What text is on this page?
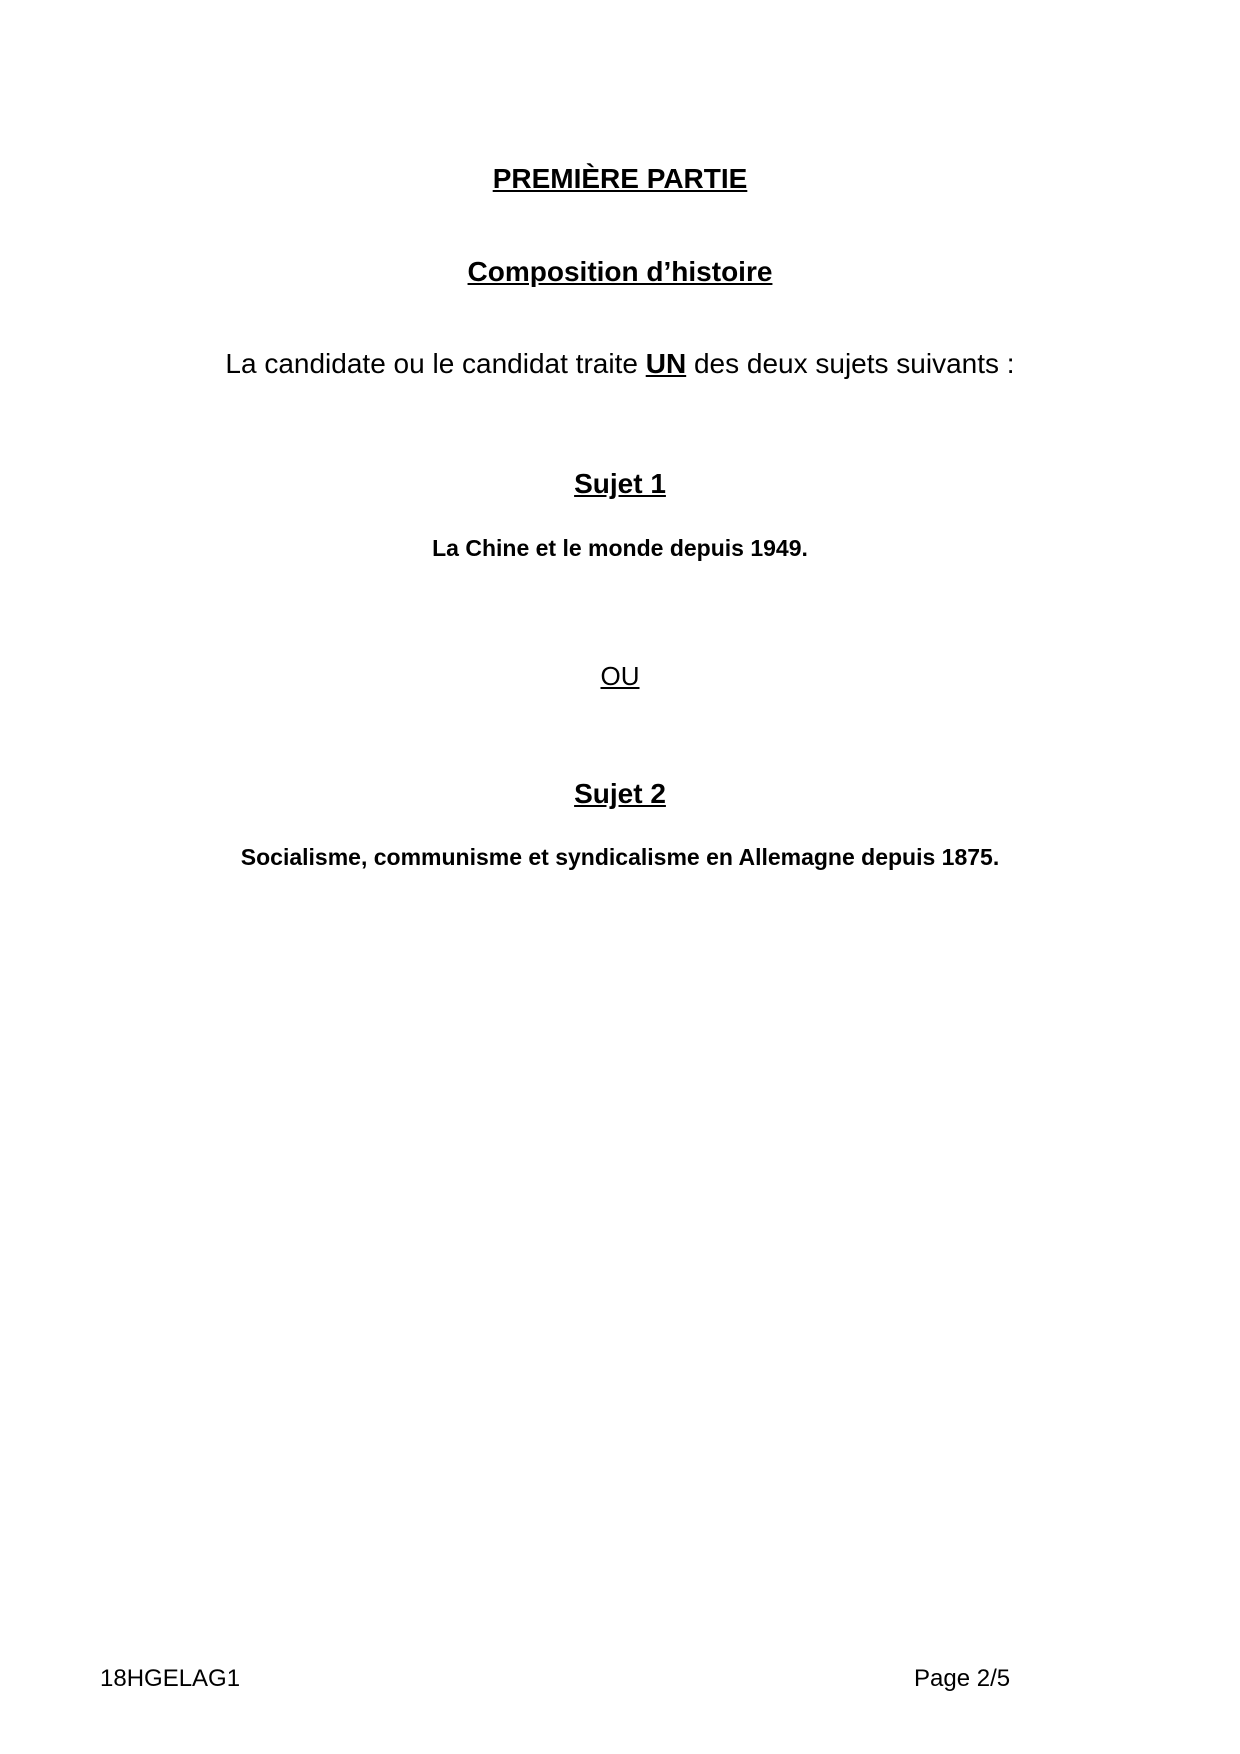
PREMIÈRE PARTIE
Composition d’histoire
La candidate ou le candidat traite UN des deux sujets suivants :
Sujet 1
La Chine et le monde depuis 1949.
OU
Sujet 2
Socialisme, communisme et syndicalisme en Allemagne depuis 1875.
18HGELAG1	Page 2/5
